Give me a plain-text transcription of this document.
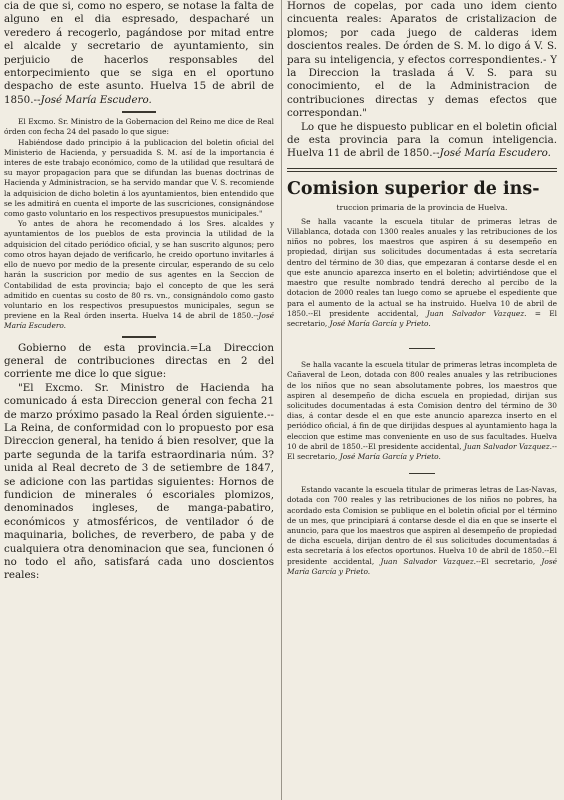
cia de que si, como no espero, se notase la falta de alguno en el dia espresado, despacharé un veredero á recogerlo, pagándose por mitad entre el alcalde y secretario de ayuntamiento, sin perjuicio de hacerlos responsables del entorpecimiento que se siga en el oportuno despacho de este asunto. Huelva 15 de abril de 1850.--José María Escudero.

El Excmo. Sr. Ministro de la Gobernacion del Reino me dice de Real órden con fecha 24 del pasado lo que sigue:

Habiéndose dado principio á la publicacion del boletin oficial del Ministerio de Hacienda, y persuadida S. M. así de la importancia é interes de este trabajo económico, como de la utilidad que resultará de su mayor propagacion para que se difundan las buenas doctrinas de Hacienda y Administracion, se ha servido mandar que V. S. recomiende la adquisicion de dicho boletin á los ayuntamientos, bien entendido que se les admitirá en cuenta el importe de las suscriciones, consignándose como gasto voluntario en los respectivos presupuestos municipales."

Yo antes de ahora he recomendado á los Sres. alcaldes y ayuntamientos de los pueblos de esta provincia la utilidad de la adquisicion del citado periódico oficial, y se han suscrito algunos; pero como otros hayan dejado de verificarlo, he creido oportuno invitarles á ello de nuevo por medio de la presente circular, esperando de su celo harán la suscricion por medio de sus agentes en la Seccion de Contabilidad de esta provincia; bajo el concepto de que les será admitido en cuentas su costo de 80 rs. vn., consignándolo como gasto voluntario en los respectivos presupuestos municipales, segun se previene en la Real órden inserta. Huelva 14 de abril de 1850.--José María Escudero.

Gobierno de esta provincia.=La Direccion general de contribuciones directas en 2 del corriente me dice lo que sigue:

"El Excmo. Sr. Ministro de Hacienda ha comunicado á esta Direccion general con fecha 21 de marzo próximo pasado la Real órden siguiente.--La Reina, de conformidad con lo propuesto por esa Direccion general, ha tenido á bien resolver, que la parte segunda de la tarifa estraordinaria núm. 3? unida al Real decreto de 3 de setiembre de 1847, se adicione con las partidas siguientes: Hornos de fundicion de minerales ó escoriales plomizos, denominados ingleses, de manga-pabatiro, económicos y atmosféricos, de ventilador ó de maquinaria, boliches, de reverbero, de paba y de cualquiera otra denominacion que sea, funcionen ó no todo el año, satisfará cada uno doscientos reales:

Hornos de copelas, por cada uno idem ciento cincuenta reales: Aparatos de cristalizacion de plomos; por cada juego de calderas idem doscientos reales. De órden de S. M. lo digo á V. S. para su inteligencia, y efectos correspondientes.- Y la Direccion la traslada á V. S. para su conocimiento, el de la Administracion de contribuciones directas y demas efectos que correspondan."

Lo que he dispuesto publicar en el boletin oficial de esta provincia para la comun inteligencia. Huelva 11 de abril de 1850.--José María Escudero.

Comision superior de ins-
truccion primaria de la provincia de Huelva.

Se halla vacante la escuela titular de primeras letras de Villablanca, dotada con 1300 reales anuales y las retribuciones de los niños no pobres, los maestros que aspiren á su desempeño en propiedad, dirijan sus solicitudes documentadas á esta secretaría dentro del término de 30 dias, que empezaran á contarse desde el en que este anuncio aparezca inserto en el boletin; advirtiéndose que el maestro que resulte nombrado tendrá derecho al percibo de la dotacion de 2000 reales tan luego como se apruebe el espediente que para el aumento de la actual se ha instruido. Huelva 10 de abril de 1850.--El presidente accidental, Juan Salvador Vazquez. = El secretario, José María García y Prieto.

Se halla vacante la escuela titular de primeras letras incompleta de Cañaveral de Leon, dotada con 800 reales anuales y las retribuciones de los niños que no sean absolutamente pobres, los maestros que aspiren al desempeño de dicha escuela en propiedad, dirijan sus solicitudes documentadas á esta Comision dentro del término de 30 dias, á contar desde el en que este anuncio aparezca inserto en el periódico oficial, á fin de que dirijidas despues al ayuntamiento haga la eleccion que estime mas conveniente en uso de sus facultades. Huelva 10 de abril de 1850.--El presidente accidental, Juan Salvador Vazquez.--El secretario, José María García y Prieto.

Estando vacante la escuela titular de primeras letras de Las-Navas, dotada con 700 reales y las retribuciones de los niños no pobres, ha acordado esta Comision se publique en el boletin oficial por el término de un mes, que principiará á contarse desde el dia en que se inserte el anuncio, para que los maestros que aspiren al desempeño de propiedad de dicha escuela, dirijan dentro de él sus solicitudes documentadas á esta secretaría á los efectos oportunos. Huelva 10 de abril de 1850.--El presidente accidental, Juan Salvador Vazquez.--El secretario, José María García y Prieto.
